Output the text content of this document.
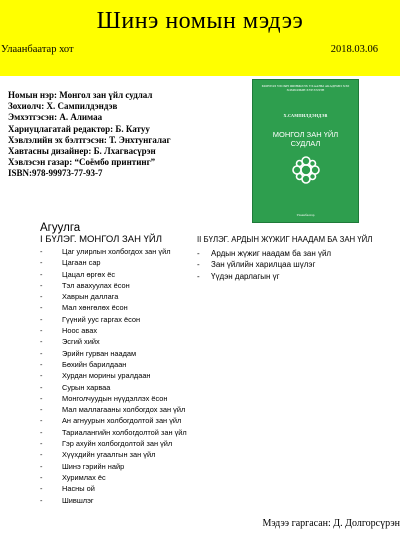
Шинэ номын мэдээ
Улаанбаатар хот	2018.03.06
Номын нэр: Монгол зан үйл судлал
Зохиолч: Х. Сампилдэндэв
Эмхэтгэсэн: А. Алимаа
Хариуцлагатай редактор: Б. Катуу
Хэвлэлийн эх бэлтгэсэн: Т. Энхтунгалаг
Хавтасны дизайнер: Б. Лхагвасүрэн
Хэвлэсэн газар: “Соёмбо принтинг”
ISBN:978-99973-77-93-7
МОНГОЛ УЛСЫН ШИНЖЛЭХ УХААНЫ АКАДЕМИ ХЭЛ ЗОХИОЛЫН ХҮРЭЭЛЭН
Х.САМПИЛДЭНДЭВ
МОНГОЛ ЗАН ҮЙЛ
СУДЛАЛ
Улаанбаатар
Агуулга
I БҮЛЭГ. МОНГОЛ ЗАН ҮЙЛ
-	Цаг улирлын холбогдох зан үйл
-	Цагаан сар
-	Цацал өргөх ёс
-	Тэл авахуулах ёсон
-	Хаврын даллага
-	Мал хөнгөлөх ёсон
-	Гүүний уус гаргах ёсон
-	Ноос авах
-	Эсгий хийх
-	Эрийн гурван наадам
-	Бөхийн барилдаан
-	Хурдан морины уралдаан
-	Сурын харваа
-	Монголчуудын нүүдэллэх ёсон
-	Мал маллагааны холбогдох зан үйл
-	Ан агнуурын холбогдолтой зан үйл
-	Тариалангийн холбогдолтой зан үйл
-	Гэр ахуйн холбогдолтой зан үйл
-	Хүүхдийн угаалгын зан үйл
-	Шинэ гэрийн найр
-	Хуримлах ёс
-	Насны ой
-	Шившлэг
II БҮЛЭГ. АРДЫН ЖҮЖИГ НААДАМ БА ЗАН ҮЙЛ
- Ардын жүжиг наадам ба зан үйл
- Зан үйлийн харилцаа шүлэг
- Үүдэн дарлагын үг
Мэдээ гаргасан: Д. Долгорсүрэн
